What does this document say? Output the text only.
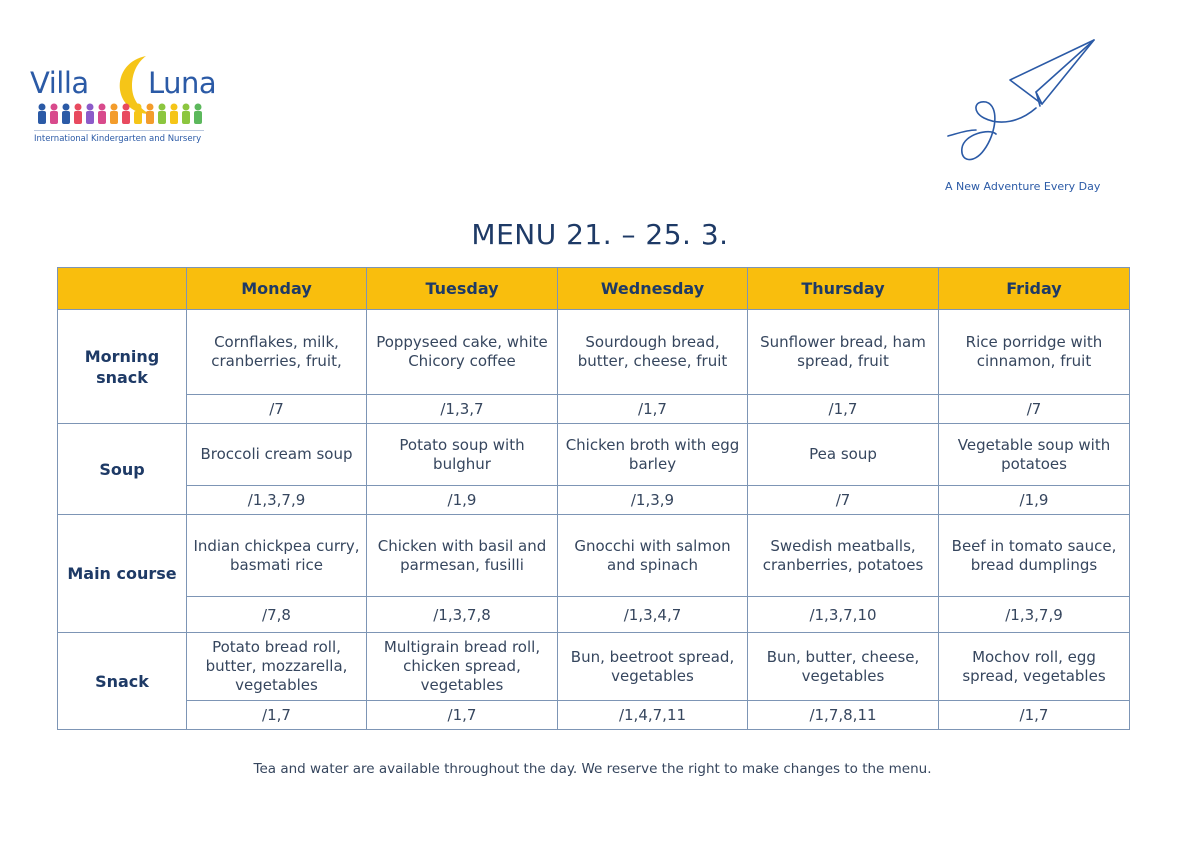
Villa Luna
International Kindergarten and Nursery
A New Adventure Every Day
MENU 21. – 25. 3.
	Monday	Tuesday	Wednesday	Thursday	Friday
Morning snack	Cornflakes, milk, cranberries, fruit,	Poppyseed cake, white Chicory coffee	Sourdough bread, butter, cheese, fruit	Sunflower bread, ham spread, fruit	Rice porridge with cinnamon, fruit
	/7	/1,3,7	/1,7	/1,7	/7
Soup	Broccoli cream soup	Potato soup with bulghur	Chicken broth with egg barley	Pea soup	Vegetable soup with potatoes
	/1,3,7,9	/1,9	/1,3,9	/7	/1,9
Main course	Indian chickpea curry, basmati rice	Chicken with basil and parmesan, fusilli	Gnocchi with salmon and spinach	Swedish meatballs, cranberries, potatoes	Beef in tomato sauce, bread dumplings
	/7,8	/1,3,7,8	/1,3,4,7	/1,3,7,10	/1,3,7,9
Snack	Potato bread roll, butter, mozzarella, vegetables	Multigrain bread roll, chicken spread, vegetables	Bun, beetroot spread, vegetables	Bun, butter, cheese, vegetables	Mochov roll, egg spread, vegetables
	/1,7	/1,7	/1,4,7,11	/1,7,8,11	/1,7
Tea and water are available throughout the day. We reserve the right to make changes to the menu.
